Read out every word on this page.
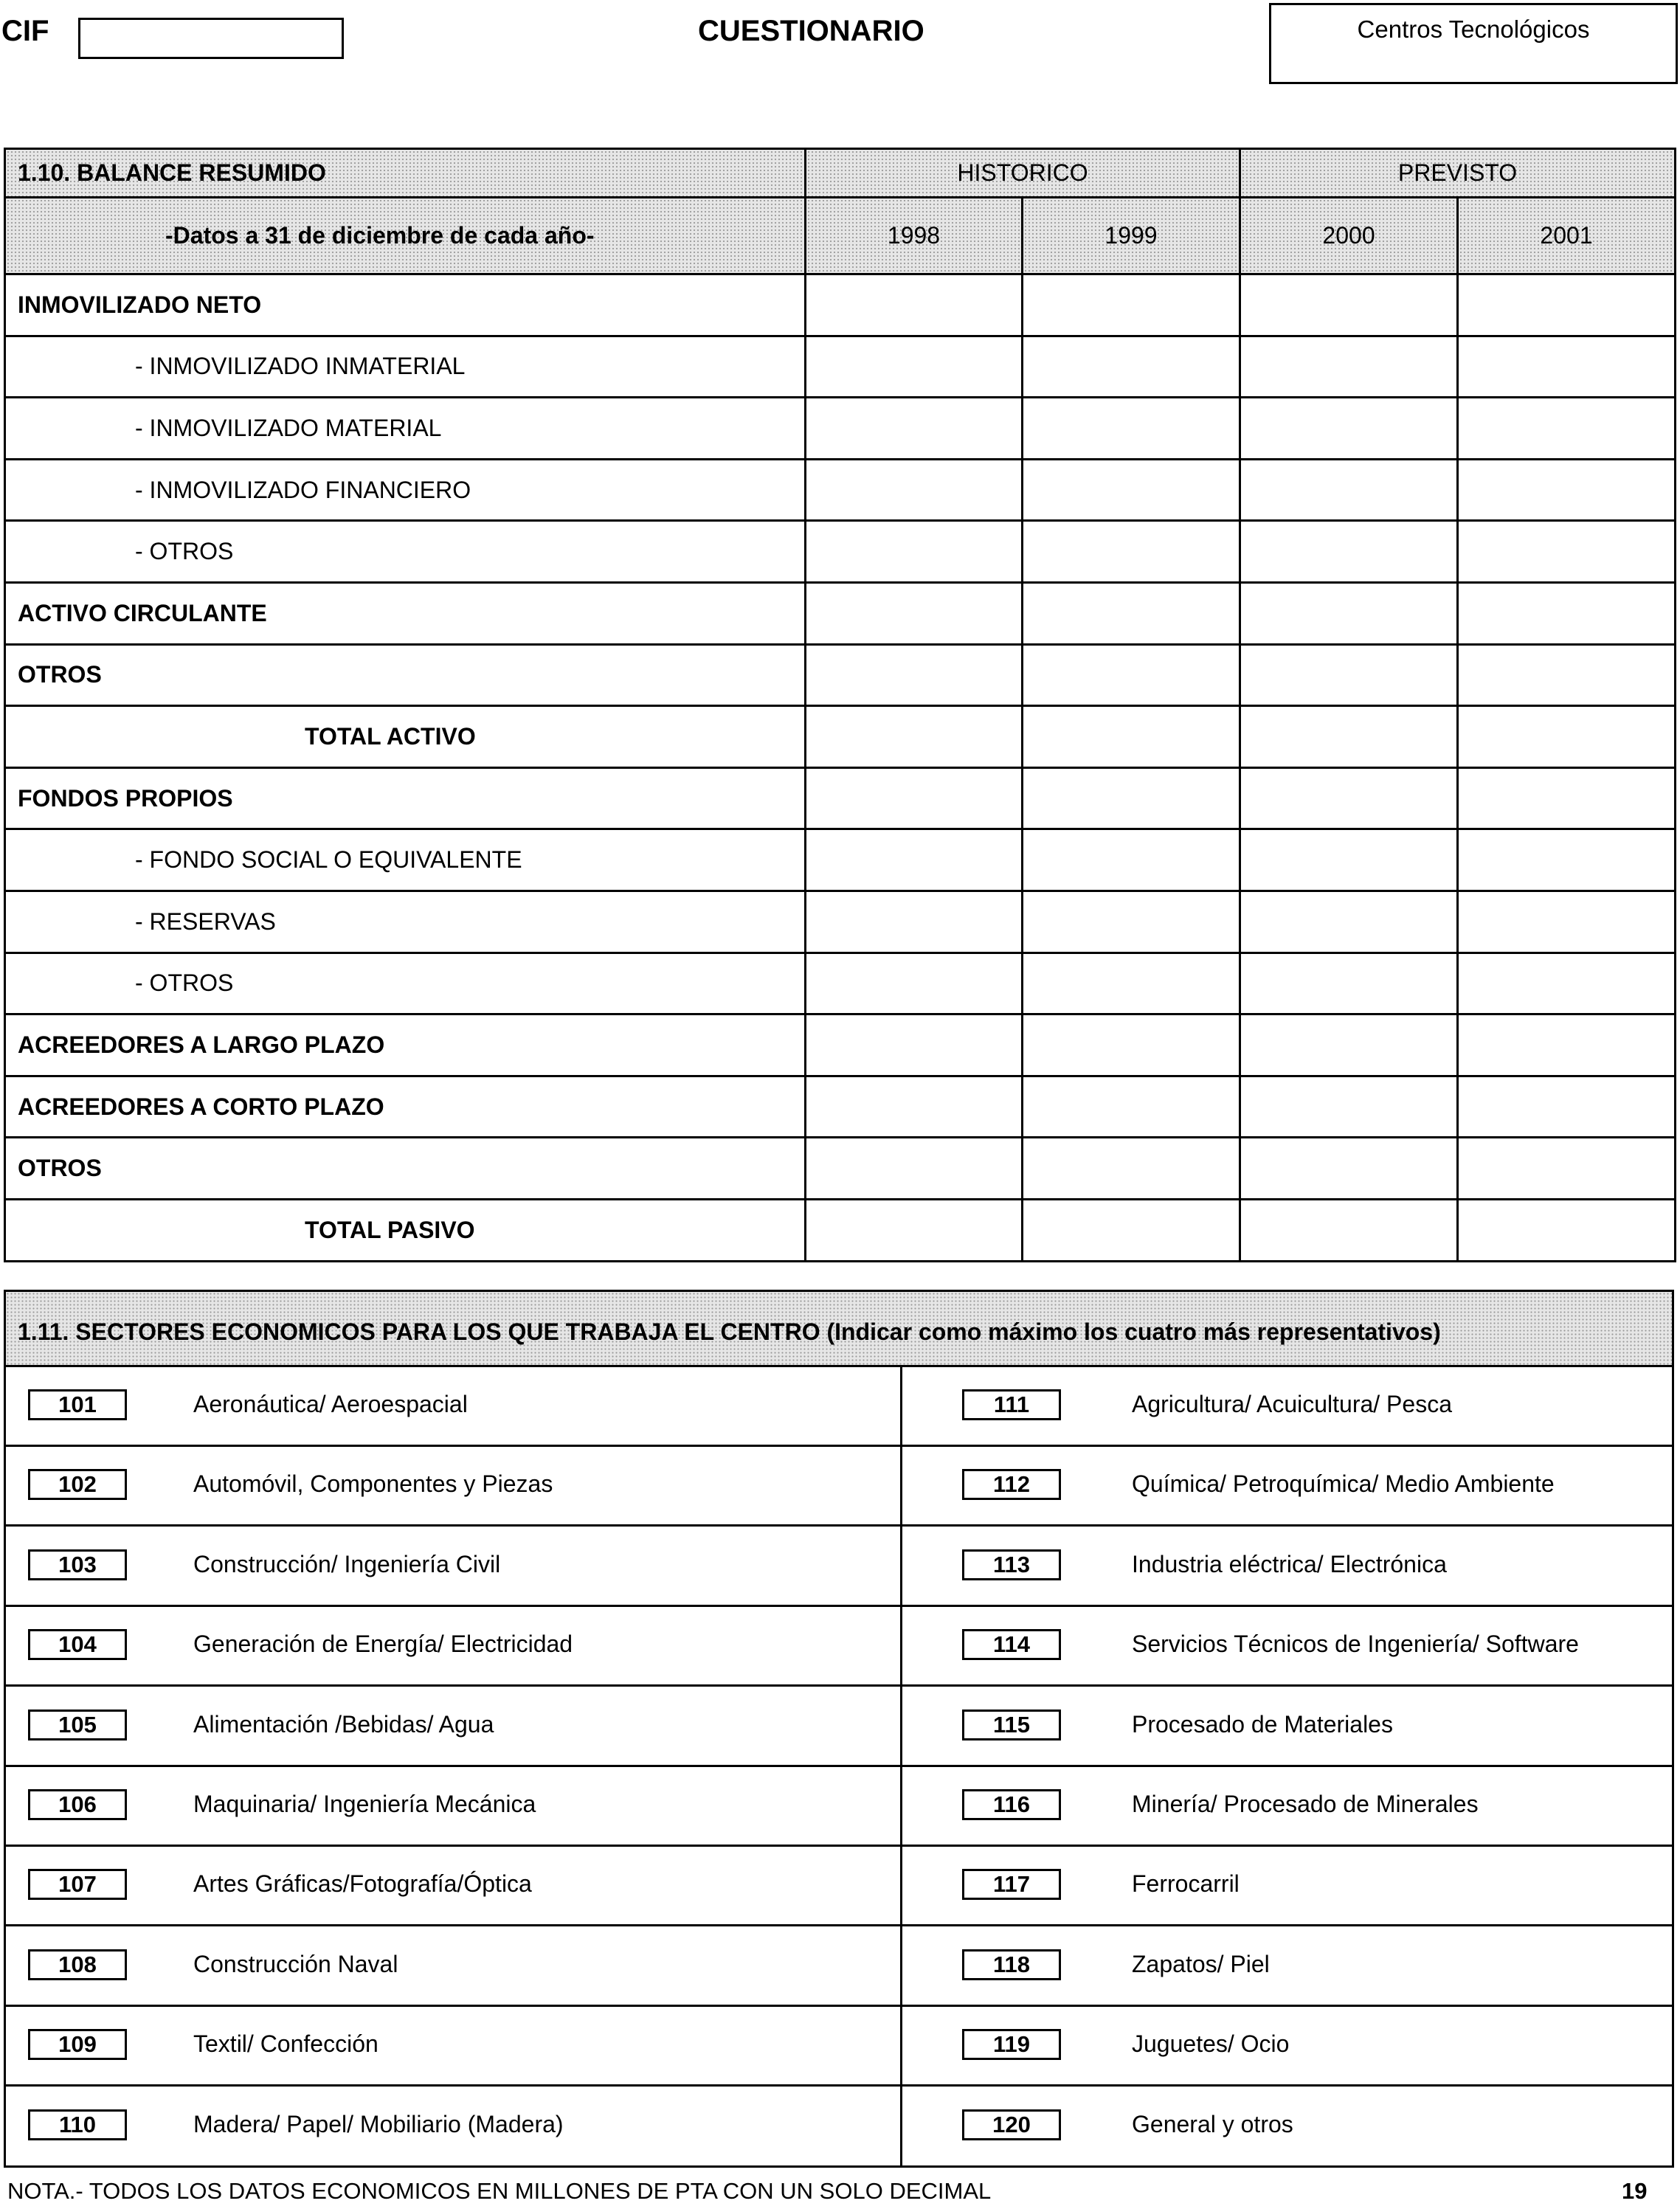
CIF	CUESTIONARIO	Centros Tecnológicos
1.10. BALANCE RESUMIDO	HISTORICO		PREVISTO	
-Datos a 31 de diciembre de cada año-	1998	1999	2000	2001
INMOVILIZADO NETO				
- INMOVILIZADO INMATERIAL				
- INMOVILIZADO MATERIAL				
- INMOVILIZADO FINANCIERO				
- OTROS				
ACTIVO CIRCULANTE				
OTROS				
TOTAL ACTIVO				
FONDOS PROPIOS				
- FONDO SOCIAL O EQUIVALENTE				
- RESERVAS				
- OTROS				
ACREEDORES A LARGO PLAZO				
ACREEDORES A CORTO PLAZO				
OTROS				
TOTAL PASIVO				
1.11. SECTORES ECONOMICOS PARA LOS QUE TRABAJA EL CENTRO (Indicar como máximo los cuatro más representativos)
101	Aeronáutica/ Aeroespacial	111	Agricultura/ Acuicultura/ Pesca
102	Automóvil, Componentes y Piezas	112	Química/ Petroquímica/ Medio Ambiente
103	Construcción/ Ingeniería Civil	113	Industria eléctrica/ Electrónica
104	Generación de Energía/ Electricidad	114	Servicios Técnicos de Ingeniería/ Software
105	Alimentación /Bebidas/ Agua	115	Procesado de Materiales
106	Maquinaria/ Ingeniería Mecánica	116	Minería/ Procesado de Minerales
107	Artes Gráficas/Fotografía/Óptica	117	Ferrocarril
108	Construcción Naval	118	Zapatos/ Piel
109	Textil/ Confección	119	Juguetes/ Ocio
110	Madera/ Papel/ Mobiliario (Madera)	120	General y otros
NOTA.- TODOS LOS DATOS ECONOMICOS EN MILLONES DE PTA CON UN SOLO DECIMAL	19
